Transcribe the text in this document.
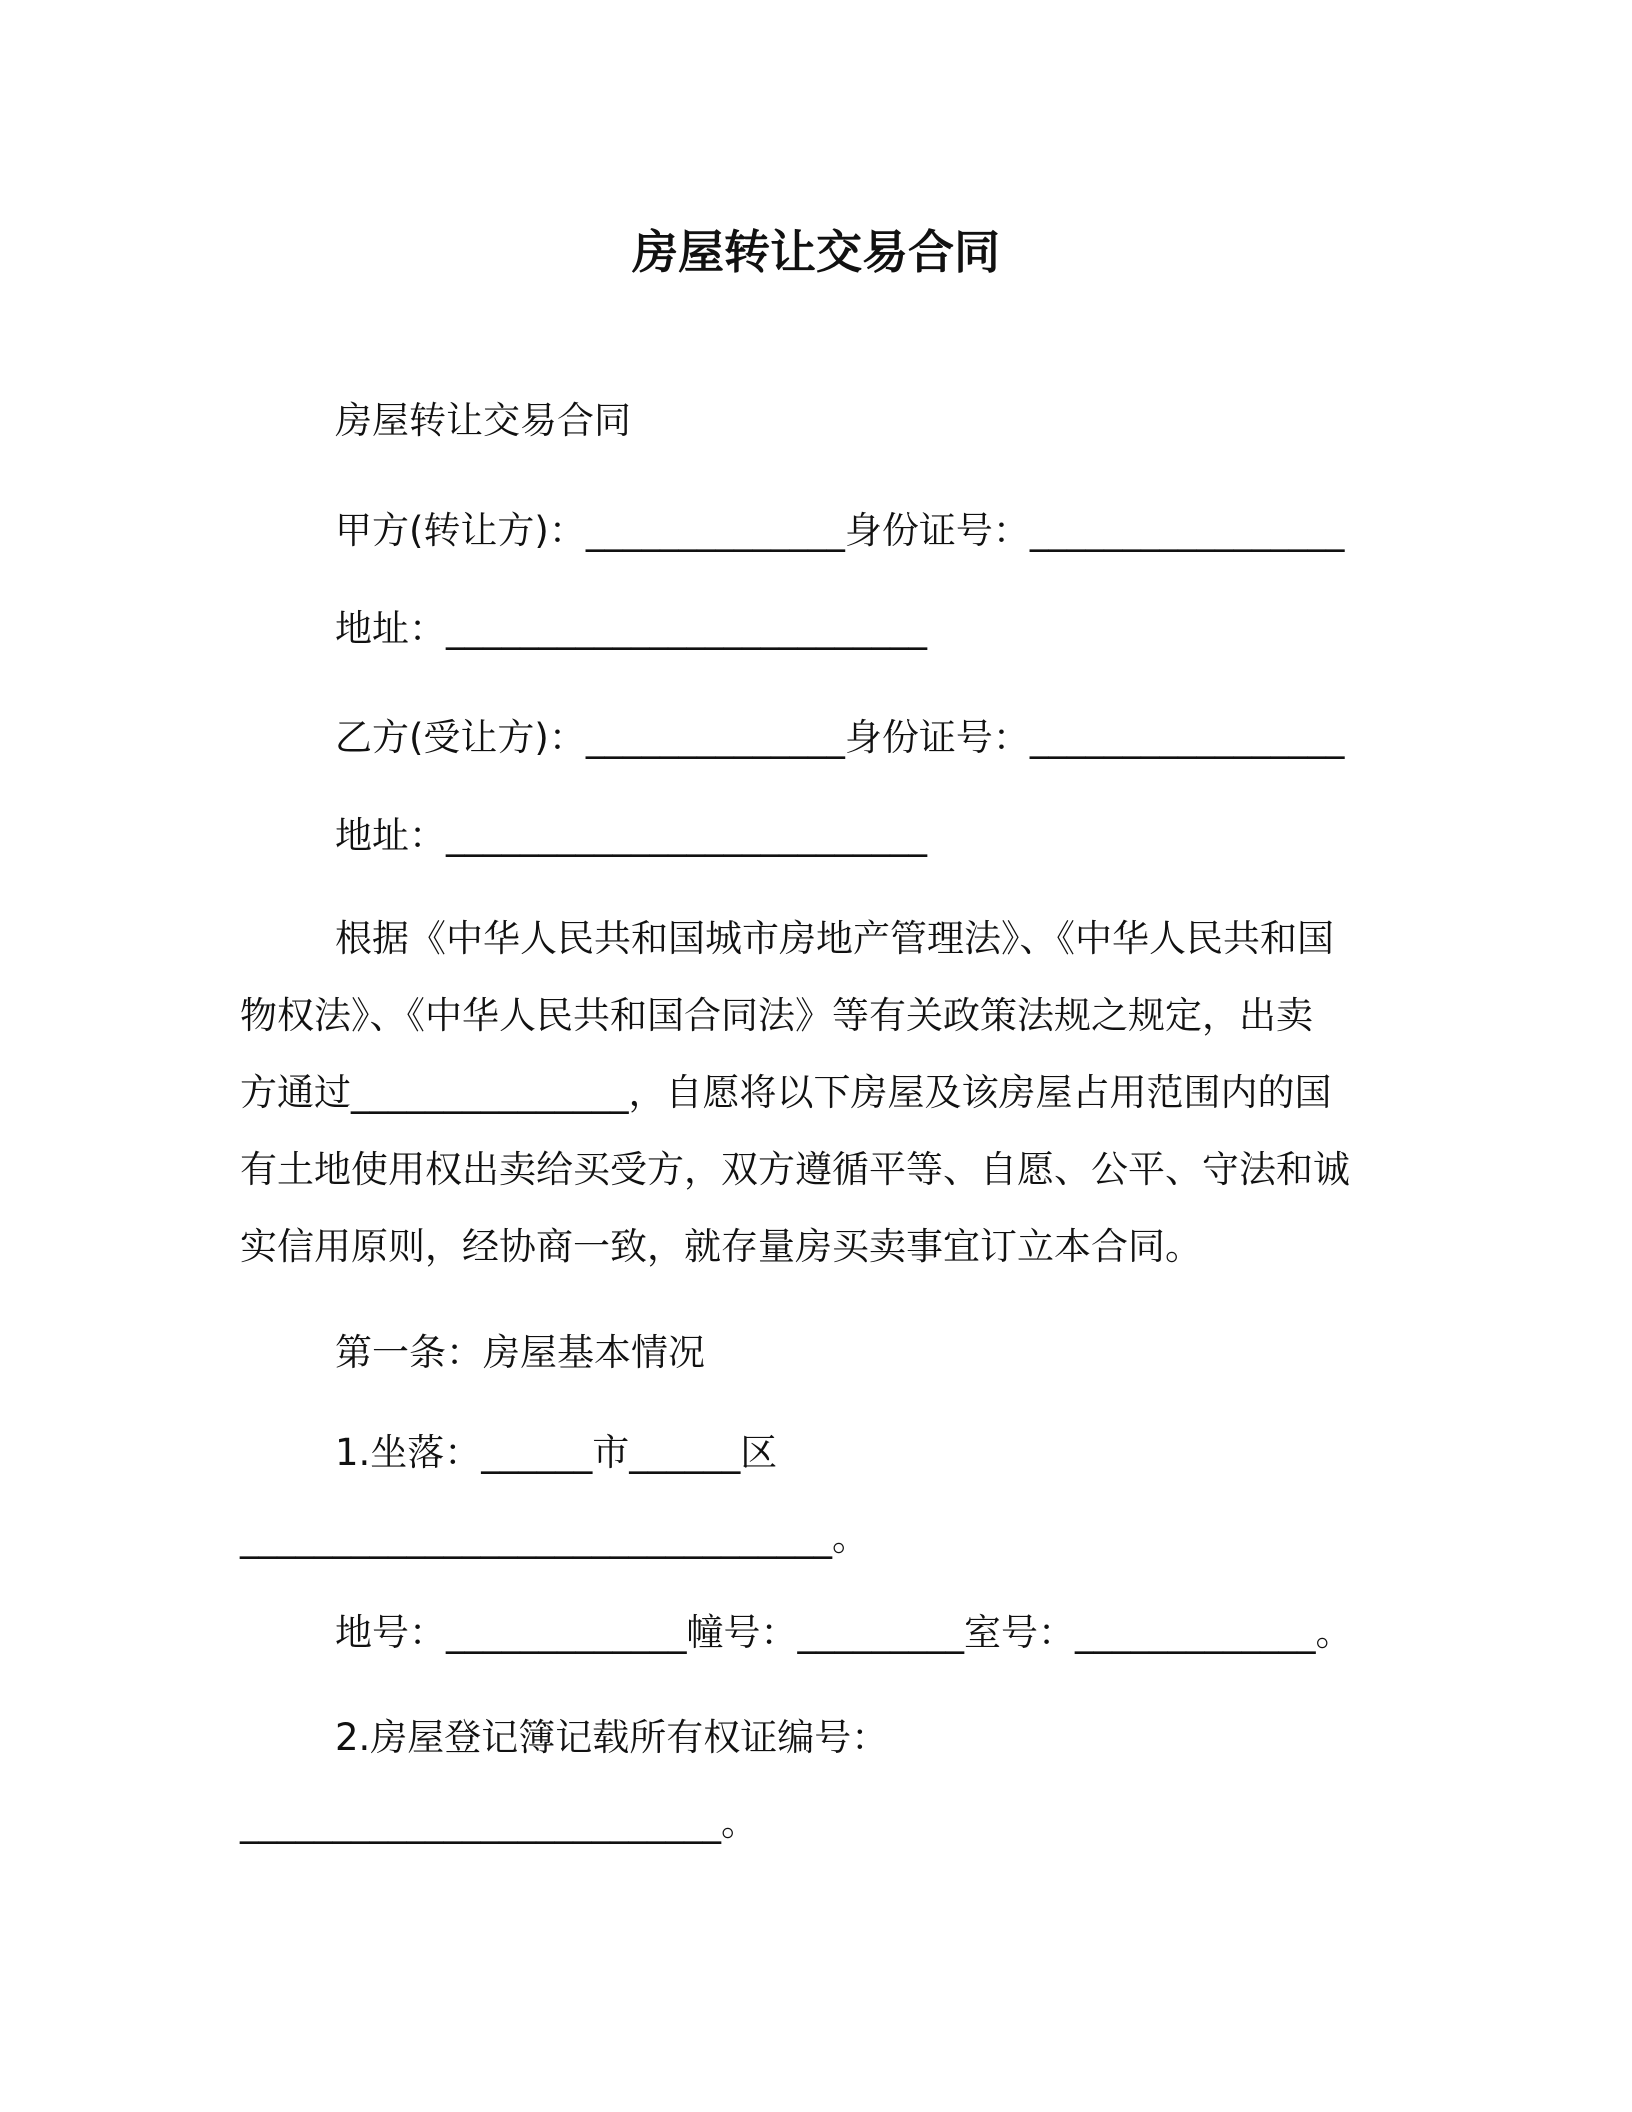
房屋转让交易合同

房屋转让交易合同

甲方(转让方)：______________身份证号：_________________

地址：__________________________

乙方(受让方)：______________身份证号：_________________

地址：__________________________

根据《中华人民共和国城市房地产管理法》、《中华人民共和国
物权法》、《中华人民共和国合同法》等有关政策法规之规定，出卖
方通过_______________，自愿将以下房屋及该房屋占用范围内的国
有土地使用权出卖给买受方，双方遵循平等、自愿、公平、守法和诚
实信用原则，经协商一致，就存量房买卖事宜订立本合同。

第一条：房屋基本情况

1.坐落：______市______区

________________________________。

地号：_____________幢号：_________室号：_____________。

2.房屋登记簿记载所有权证编号：

__________________________。
